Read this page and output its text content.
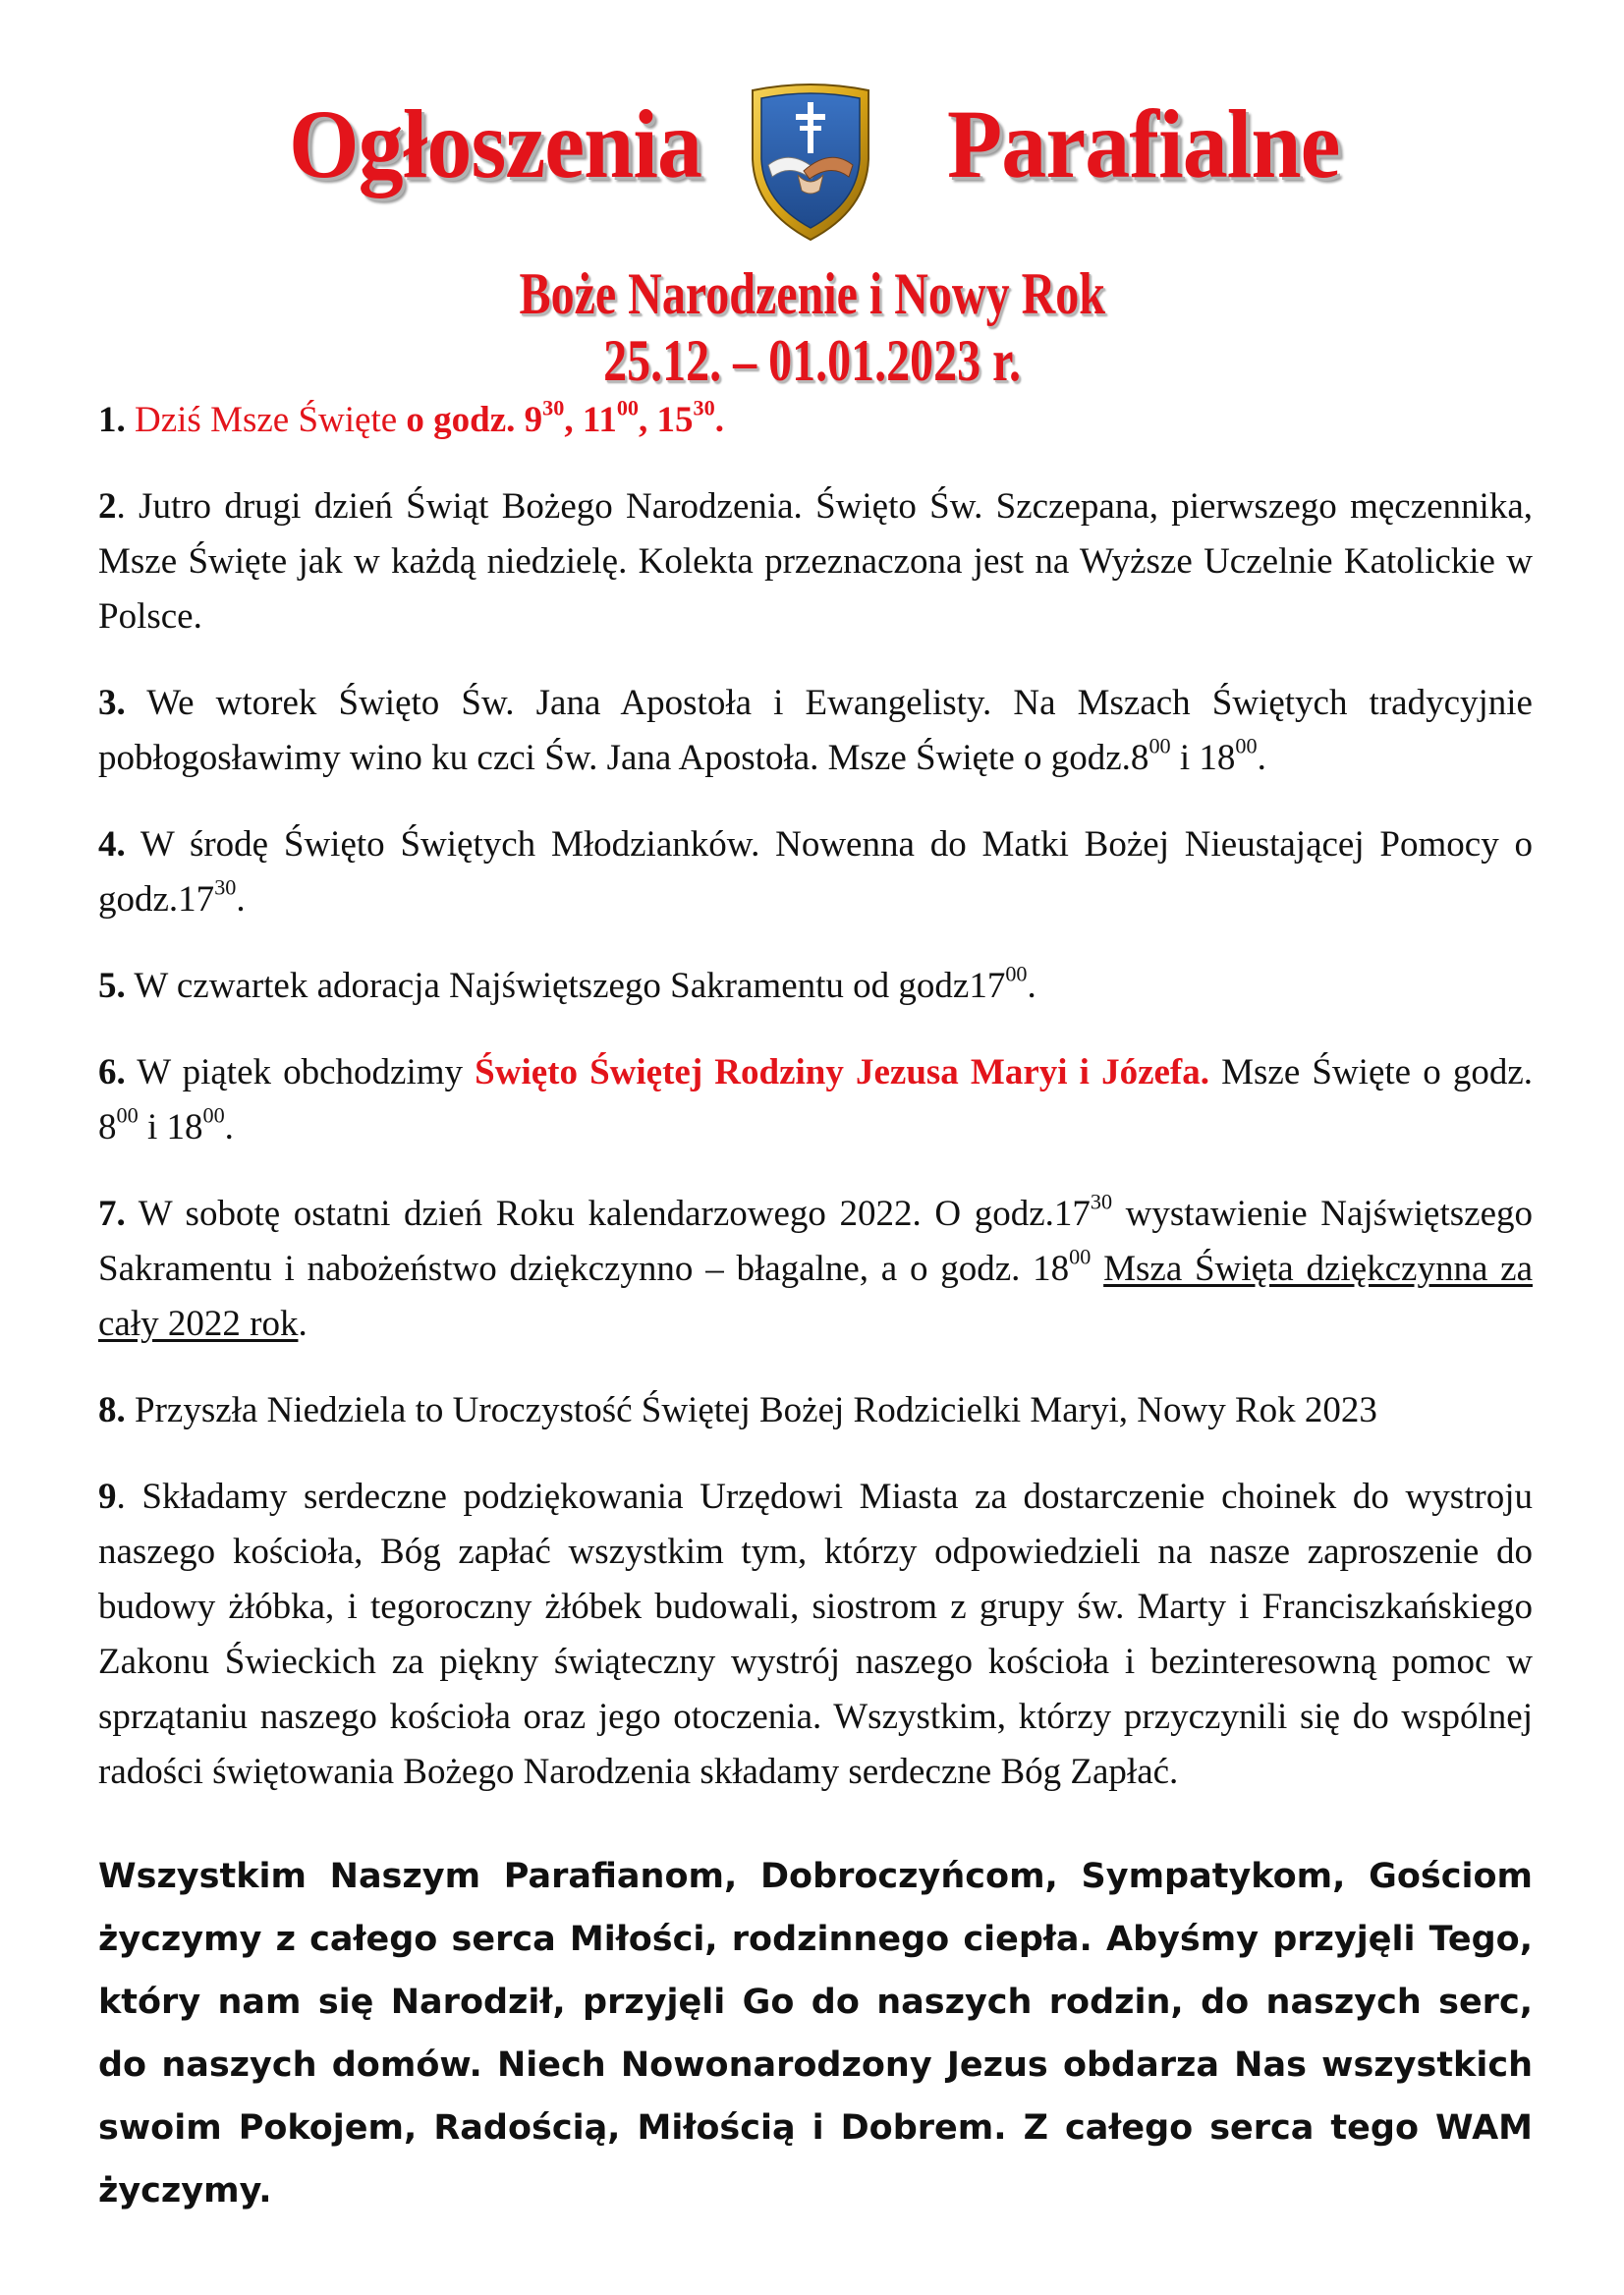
Ogłoszenia Parafialne
Boże Narodzenie i Nowy Rok
25.12. – 01.01.2023 r.

1. Dziś Msze Święte o godz. $9^{30}$, $11^{00}$, $15^{30}$.

2. Jutro drugi dzień Świąt Bożego Narodzenia. Święto Św. Szczepana, pierwszego męczennika, Msze Święte jak w każdą niedzielę. Kolekta przeznaczona jest na Wyższe Uczelnie Katolickie w Polsce.

3. We wtorek Święto Św. Jana Apostoła i Ewangelisty. Na Mszach Świętych tradycyjnie pobłogosławimy wino ku czci Św. Jana Apostoła. Msze Święte o $godz.8^{00}$ i $18^{00}$.

4. W środę Święto Świętych Młodzianków. Nowenna do Matki Bożej Nieustającej Pomocy o $godz.17^{30}$.

5. W czwartek adoracja Najświętszego Sakramentu od $godz17^{00}$.

6. W piątek obchodzimy Święto Świętej Rodziny Jezusa Maryi i Józefa. Msze Święte o godz. $8^{00}$ i $18^{00}$.

7. W sobotę ostatni dzień Roku kalendarzowego 2022. O $godz.17^{30}$ wystawienie Najświętszego Sakramentu i nabożeństwo dziękczynno – błagalne, a o godz. $18^{00}$ Msza Święta dziękczynna za cały 2022 rok.

8. Przyszła Niedziela to Uroczystość Świętej Bożej Rodzicielki Maryi, Nowy Rok 2023

9. Składamy serdeczne podziękowania Urzędowi Miasta za dostarczenie choinek do wystroju naszego kościoła, Bóg zapłać wszystkim tym, którzy odpowiedzieli na nasze zaproszenie do budowy żłóbka, i tegoroczny żłóbek budowali, siostrom z grupy św. Marty i Franciszkańskiego Zakonu Świeckich za piękny świąteczny wystrój naszego kościoła i bezinteresowną pomoc w sprzątaniu naszego kościoła oraz jego otoczenia. Wszystkim, którzy przyczynili się do wspólnej radości świętowania Bożego Narodzenia składamy serdeczne Bóg Zapłać.

Wszystkim Naszym Parafianom, Dobroczyńcom, Sympatykom, Gościom życzymy z całego serca Miłości, rodzinnego ciepła. Abyśmy przyjęli Tego, który nam się Narodził, przyjęli Go do naszych rodzin, do naszych serc, do naszych domów. Niech Nowonarodzony Jezus obdarza Nas wszystkich swoim Pokojem, Radością, Miłością i Dobrem. Z całego serca tego WAM życzymy.
